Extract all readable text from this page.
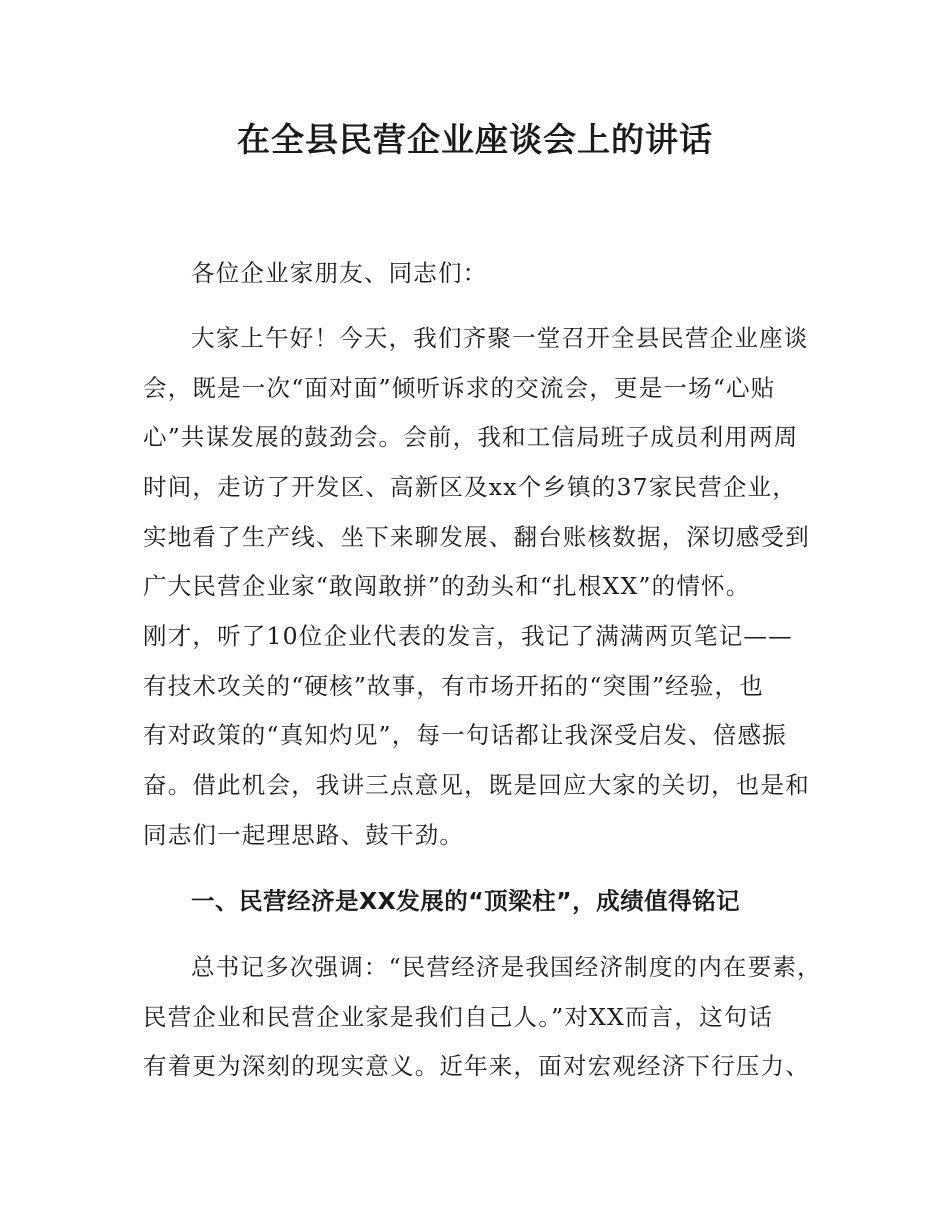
在全县民营企业座谈会上的讲话

各位企业家朋友、同志们：

大家上午好！今天，我们齐聚一堂召开全县民营企业座谈

会，既是一次“面对面”倾听诉求的交流会，更是一场“心贴

心”共谋发展的鼓劲会。会前，我和工信局班子成员利用两周

时间，走访了开发区、高新区及xx个乡镇的37家民营企业，

实地看了生产线、坐下来聊发展、翻台账核数据，深切感受到

广大民营企业家“敢闯敢拼”的劲头和“扎根XX”的情怀。

刚才，听了10位企业代表的发言，我记了满满两页笔记——

有技术攻关的“硬核”故事，有市场开拓的“突围”经验，也

有对政策的“真知灼见”，每一句话都让我深受启发、倍感振

奋。借此机会，我讲三点意见，既是回应大家的关切，也是和

同志们一起理思路、鼓干劲。

一、民营经济是XX发展的“顶梁柱”，成绩值得铭记

总书记多次强调：“民营经济是我国经济制度的内在要素，

民营企业和民营企业家是我们自己人。”对XX而言，这句话

有着更为深刻的现实意义。近年来，面对宏观经济下行压力、
